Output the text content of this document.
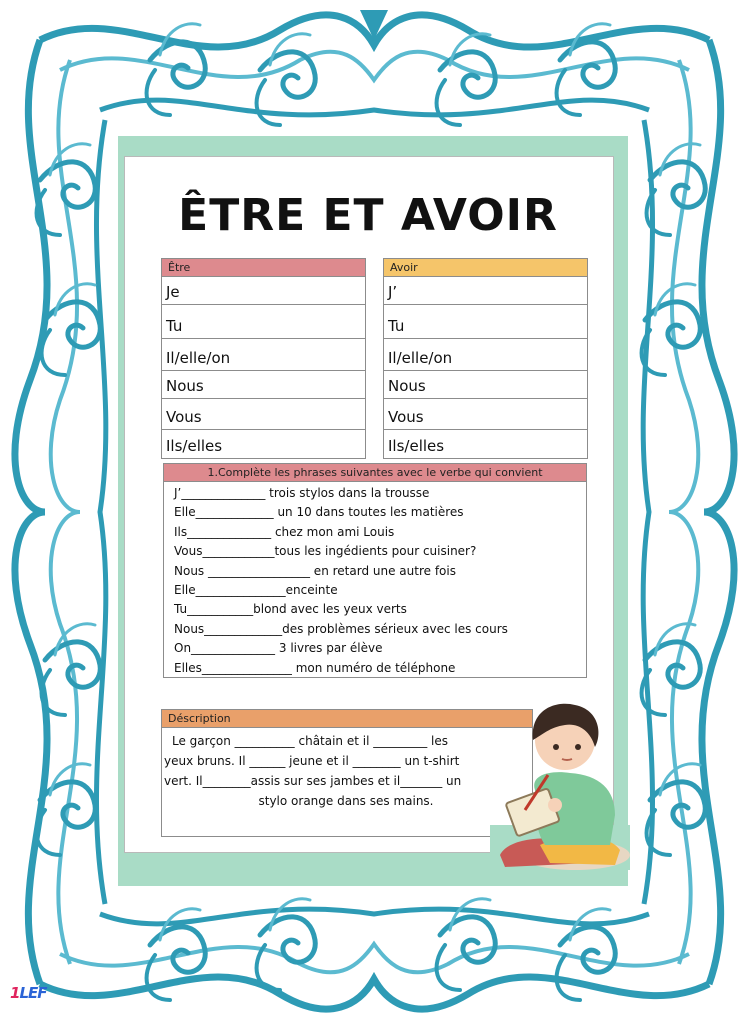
ÊTRE ET AVOIR
Être
Je
Tu
Il/elle/on
Nous
Vous
Ils/elles
Avoir
J’
Tu
Il/elle/on
Nous
Vous
Ils/elles
1.Complète les phrases suivantes avec le verbe qui convient
J’______________ trois stylos dans la trousse
Elle_____________ un 10 dans toutes les matières
Ils______________ chez mon ami Louis
Vous____________tous les ingédients pour cuisiner?
Nous _________________ en retard une autre fois
Elle_______________enceinte
Tu___________blond avec les yeux verts
Nous_____________des problèmes sérieux avec les cours
On______________ 3 livres par élève
Elles_______________ mon numéro de téléphone
Déscription
Le garçon __________ châtain et il _________ les
yeux bruns. Il ______ jeune et il ________ un t-shirt
vert. Il________assis sur ses jambes et il_______ un
stylo orange dans ses mains.
1LEF
